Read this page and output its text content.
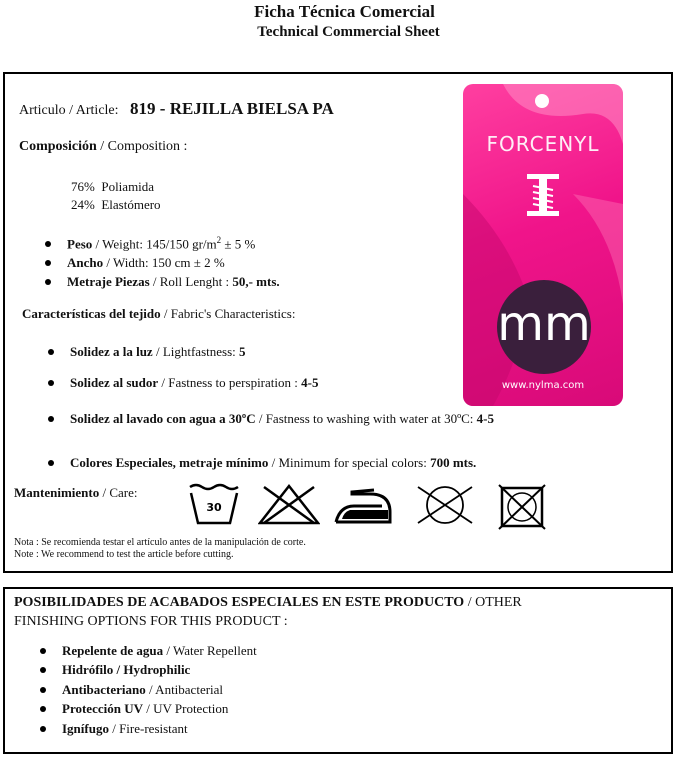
Ficha Técnica Comercial
Technical Commercial Sheet
Articulo / Article: 819 - REJILLA BIELSA PA
Composición / Composition :
76% Poliamida
24% Elastómero
Peso / Weight: 145/150 $gr/m^2 \pm 5$ %
Ancho / Width: 150 cm ± 2 %
Metraje Piezas / Roll Lenght : 50,- mts.
Características del tejido / Fabric's Characteristics:
Solidez a la luz / Lightfastness: 5
Solidez al sudor / Fastness to perspiration : 4-5
Solidez al lavado con agua a 30ºC / Fastness to washing with water at 30ºC: 4-5
Colores Especiales, metraje mínimo / Minimum for special colors: 700 mts.
Mantenimiento / Care:
30
Nota : Se recomienda testar el artículo antes de la manipulación de corte.
Note : We recommend to test the article before cutting.
FORCENYL
mm
www.nylma.com
POSIBILIDADES DE ACABADOS ESPECIALES EN ESTE PRODUCTO / OTHER
FINISHING OPTIONS FOR THIS PRODUCT :
Repelente de agua / Water Repellent
Hidrófilo / Hydrophilic
Antibacteriano / Antibacterial
Protección UV / UV Protection
Ignífugo / Fire-resistant
